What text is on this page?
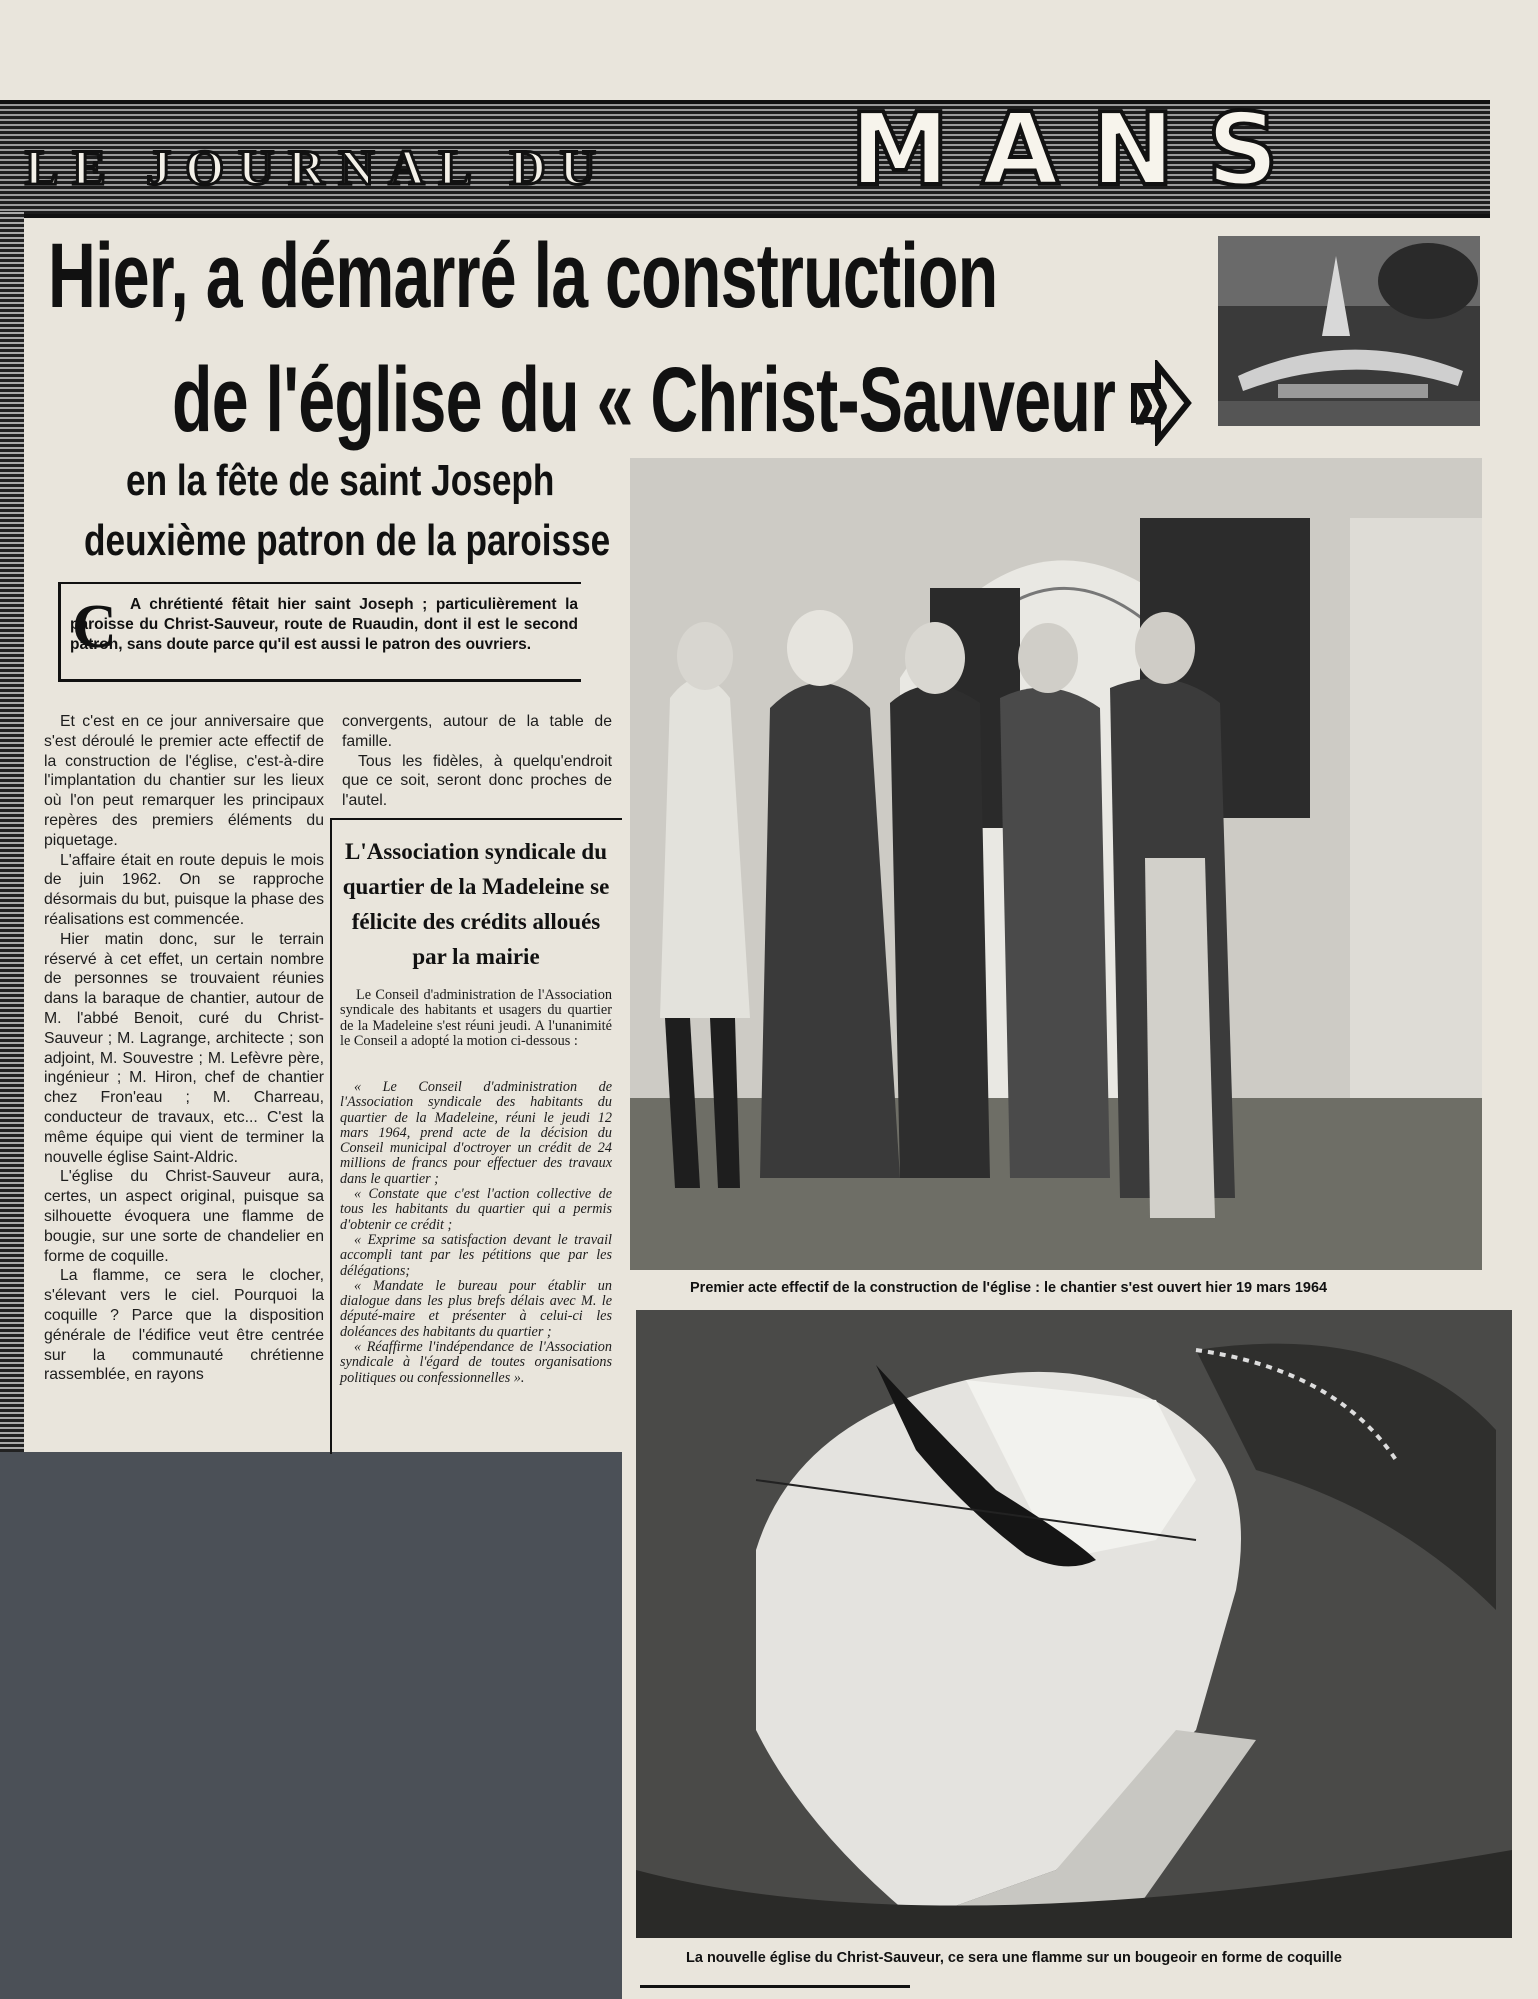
LE JOURNAL DU MANS
Hier, a démarré la construction
de l'église du « Christ-Sauveur »
en la fête de saint Joseph
deuxième patron de la paroisse
C A chrétienté fêtait hier saint Joseph ; particulièrement la paroisse du Christ-Sauveur, route de Ruaudin, dont il est le second patron, sans doute parce qu'il est aussi le patron des ouvriers.

Et c'est en ce jour anniversaire que s'est déroulé le premier acte effectif de la construction de l'église, c'est-à-dire l'implantation du chantier sur les lieux où l'on peut remarquer les principaux repères des premiers éléments du piquetage.

L'affaire était en route depuis le mois de juin 1962. On se rapproche désormais du but, puisque la phase des réalisations est commencée.

Hier matin donc, sur le terrain réservé à cet effet, un certain nombre de personnes se trouvaient réunies dans la baraque de chantier, autour de M. l'abbé Benoit, curé du Christ-Sauveur ; M. Lagrange, architecte ; son adjoint, M. Souvestre ; M. Lefèvre père, ingénieur ; M. Hiron, chef de chantier chez Fron'eau ; M. Charreau, conducteur de travaux, etc... C'est la même équipe qui vient de terminer la nouvelle église Saint-Aldric.

L'église du Christ-Sauveur aura, certes, un aspect original, puisque sa silhouette évoquera une flamme de bougie, sur une sorte de chandelier en forme de coquille.

La flamme, ce sera le clocher, s'élevant vers le ciel. Pourquoi la coquille ? Parce que la disposition générale de l'édifice veut être centrée sur la communauté chrétienne rassemblée, en rayons

convergents, autour de la table de famille.

Tous les fidèles, à quelqu'endroit que ce soit, seront donc proches de l'autel.

L'Association syndicale du quartier de la Madeleine se félicite des crédits alloués par la mairie
Le Conseil d'administration de l'Association syndicale des habitants et usagers du quartier de la Madeleine s'est réuni jeudi. A l'unanimité le Conseil a adopté la motion ci-dessous :

« Le Conseil d'administration de l'Association syndicale des habitants du quartier de la Madeleine, réuni le jeudi 12 mars 1964, prend acte de la décision du Conseil municipal d'octroyer un crédit de 24 millions de francs pour effectuer des travaux dans le quartier ;

« Constate que c'est l'action collective de tous les habitants du quartier qui a permis d'obtenir ce crédit ;

« Exprime sa satisfaction devant le travail accompli tant par les pétitions que par les délégations;

« Mandate le bureau pour établir un dialogue dans les plus brefs délais avec M. le député-maire et présenter à celui-ci les doléances des habitants du quartier ;

« Réaffirme l'indépendance de l'Association syndicale à l'égard de toutes organisations politiques ou confessionnelles ».

Premier acte effectif de la construction de l'église : le chantier s'est ouvert hier 19 mars 1964
La nouvelle église du Christ-Sauveur, ce sera une flamme sur un bougeoir en forme de coquille
